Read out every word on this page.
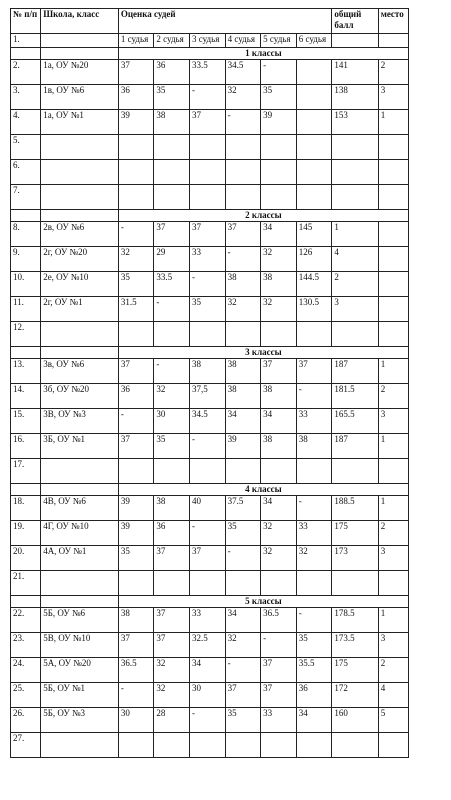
№ п/п	Школа, класс	Оценка судей						общий балл	место
1.		1 судья	2 судья	3 судья	4 судья	5 судья	6 судья		
		1 классы							
2.	1а, ОУ №20	37	36	33.5	34.5	-		141	2
3.	1в, ОУ №6	36	35	-	32	35		138	3
4.	1а, ОУ №1	39	38	37	-	39		153	1
5.									
6.									
7.									
		2 классы							
8.	2в, ОУ №6	-	37	37	37	34	145	1	
9.	2г, ОУ №20	32	29	33	-	32	126	4	
10.	2е, ОУ №10	35	33.5	-	38	38	144.5	2	
11.	2г, ОУ №1	31.5	-	35	32	32	130.5	3	
12.									
		3 классы							
13.	3в, ОУ №6	37	-	38	38	37	37	187	1
14.	3б, ОУ №20	36	32	37,5	38	38	-	181.5	2
15.	3В, ОУ №3	-	30	34.5	34	34	33	165.5	3
16.	3Б, ОУ №1	37	35	-	39	38	38	187	1
17.									
		4 классы							
18.	4В, ОУ №6	39	38	40	37.5	34	-	188.5	1
19.	4Г, ОУ №10	39	36	-	35	32	33	175	2
20.	4А, ОУ №1	35	37	37	-	32	32	173	3
21.									
		5 классы							
22.	5Б, ОУ №6	38	37	33	34	36.5	-	178.5	1
23.	5В, ОУ №10	37	37	32.5	32	-	35	173.5	3
24.	5А, ОУ №20	36.5	32	34	-	37	35.5	175	2
25.	5Б, ОУ №1	-	32	30	37	37	36	172	4
26.	5Б, ОУ №3	30	28	-	35	33	34	160	5
27.									
